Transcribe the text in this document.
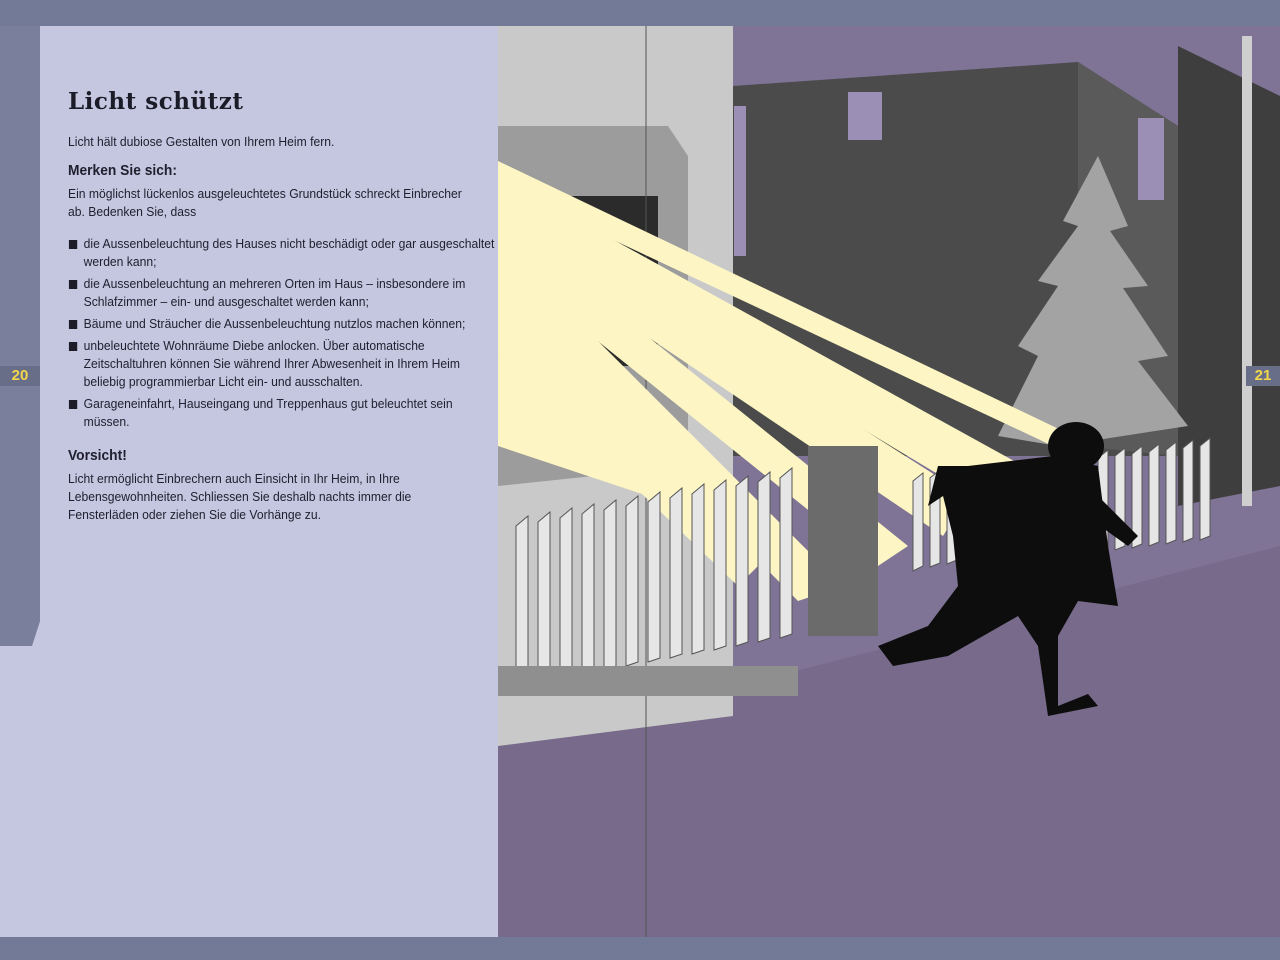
20
Licht schützt

Licht hält dubiose Gestalten von Ihrem Heim fern.

Merken Sie sich:

Ein möglichst lückenlos ausgeleuchtetes Grundstück schreckt Einbrecher ab. Bedenken Sie, dass

die Aussenbeleuchtung des Hauses nicht beschädigt oder gar ausgeschaltet werden kann;
die Aussenbeleuchtung an mehreren Orten im Haus – insbesondere im Schlafzimmer – ein- und ausgeschaltet werden kann;
Bäume und Sträucher die Aussenbeleuchtung nutzlos machen können;
unbeleuchtete Wohnräume Diebe anlocken. Über automatische Zeitschaltuhren können Sie während Ihrer Abwesenheit in Ihrem Heim beliebig programmierbar Licht ein- und ausschalten.
Garageneinfahrt, Hauseingang und Treppenhaus gut beleuchtet sein müssen.

Vorsicht!

Licht ermöglicht Einbrechern auch Einsicht in Ihr Heim, in Ihre Lebensgewohnheiten. Schliessen Sie deshalb nachts immer die Fensterläden oder ziehen Sie die Vorhänge zu.

21
